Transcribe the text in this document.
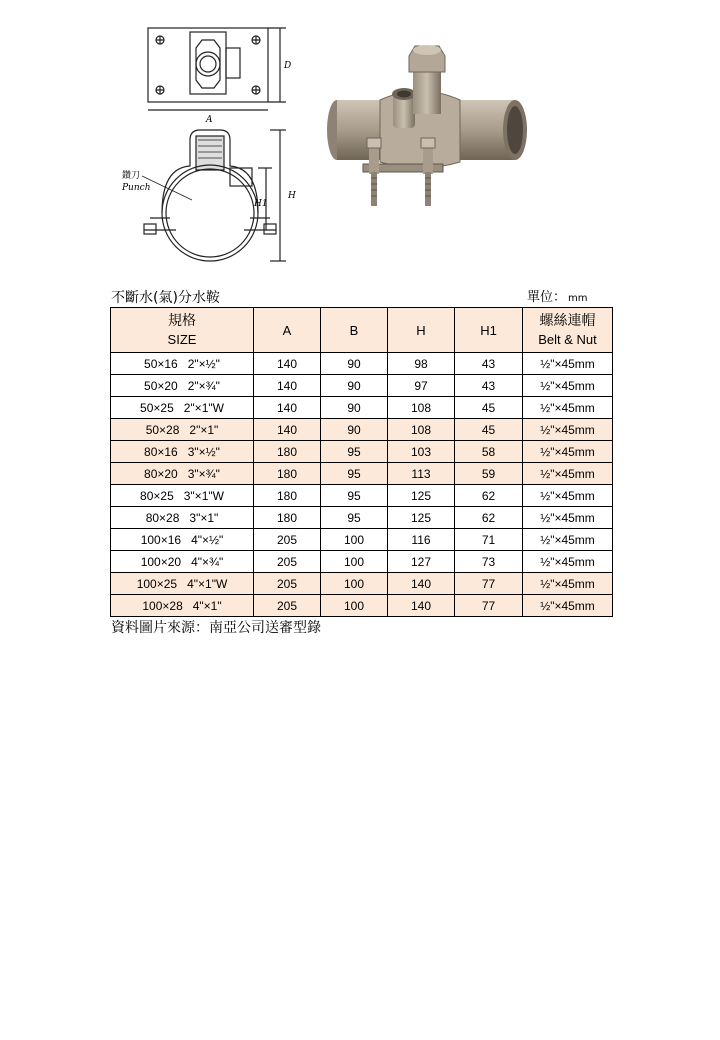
A
D
鑽刀
Punch
H
H1
不斷水(氣)分水鞍	單位： mm
規格
SIZE	A	B	H	H1	螺絲連帽
Belt & Nut

50×16   2"×½"	140	90	98	43	½"×45mm
50×20   2"×¾"	140	90	97	43	½"×45mm
50×25   2"×1"W	140	90	108	45	½"×45mm
50×28   2"×1"	140	90	108	45	½"×45mm
80×16   3"×½"	180	95	103	58	½"×45mm
80×20   3"×¾"	180	95	113	59	½"×45mm
80×25   3"×1"W	180	95	125	62	½"×45mm
80×28   3"×1"	180	95	125	62	½"×45mm
100×16   4"×½"	205	100	116	71	½"×45mm
100×20   4"×¾"	205	100	127	73	½"×45mm
100×25   4"×1"W	205	100	140	77	½"×45mm
100×28   4"×1"	205	100	140	77	½"×45mm
資料圖片來源：南亞公司送審型錄
